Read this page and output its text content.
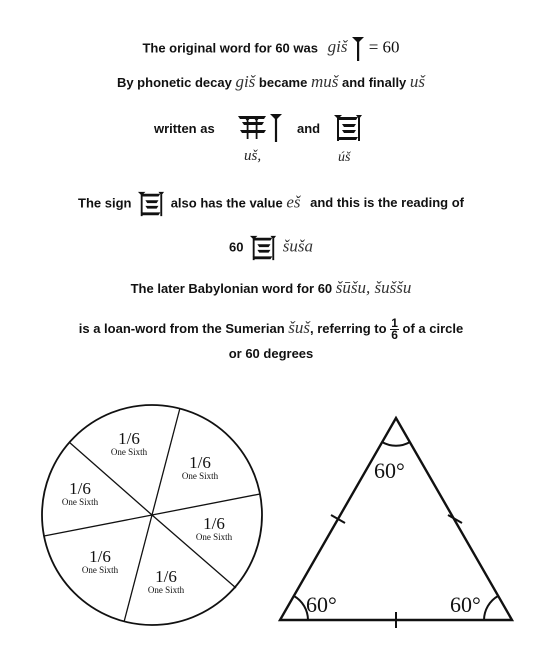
The original word for 60 was giš = 60
By phonetic decay giš became muš and finally uš
written as
uš,
and
úš
The sign	also has the value eš and this is the reading of
60 šuša
The later Babylonian word for 60 šūšu, šuššu
is a loan-word from the Sumerian šuš, referring to $\frac{1}{6}$ of a circle
or 60 degrees
1/6
One Sixth
1/6
One Sixth
1/6
One Sixth
1/6
One Sixth
1/6
One Sixth
1/6
One Sixth
60°
60°	60°
